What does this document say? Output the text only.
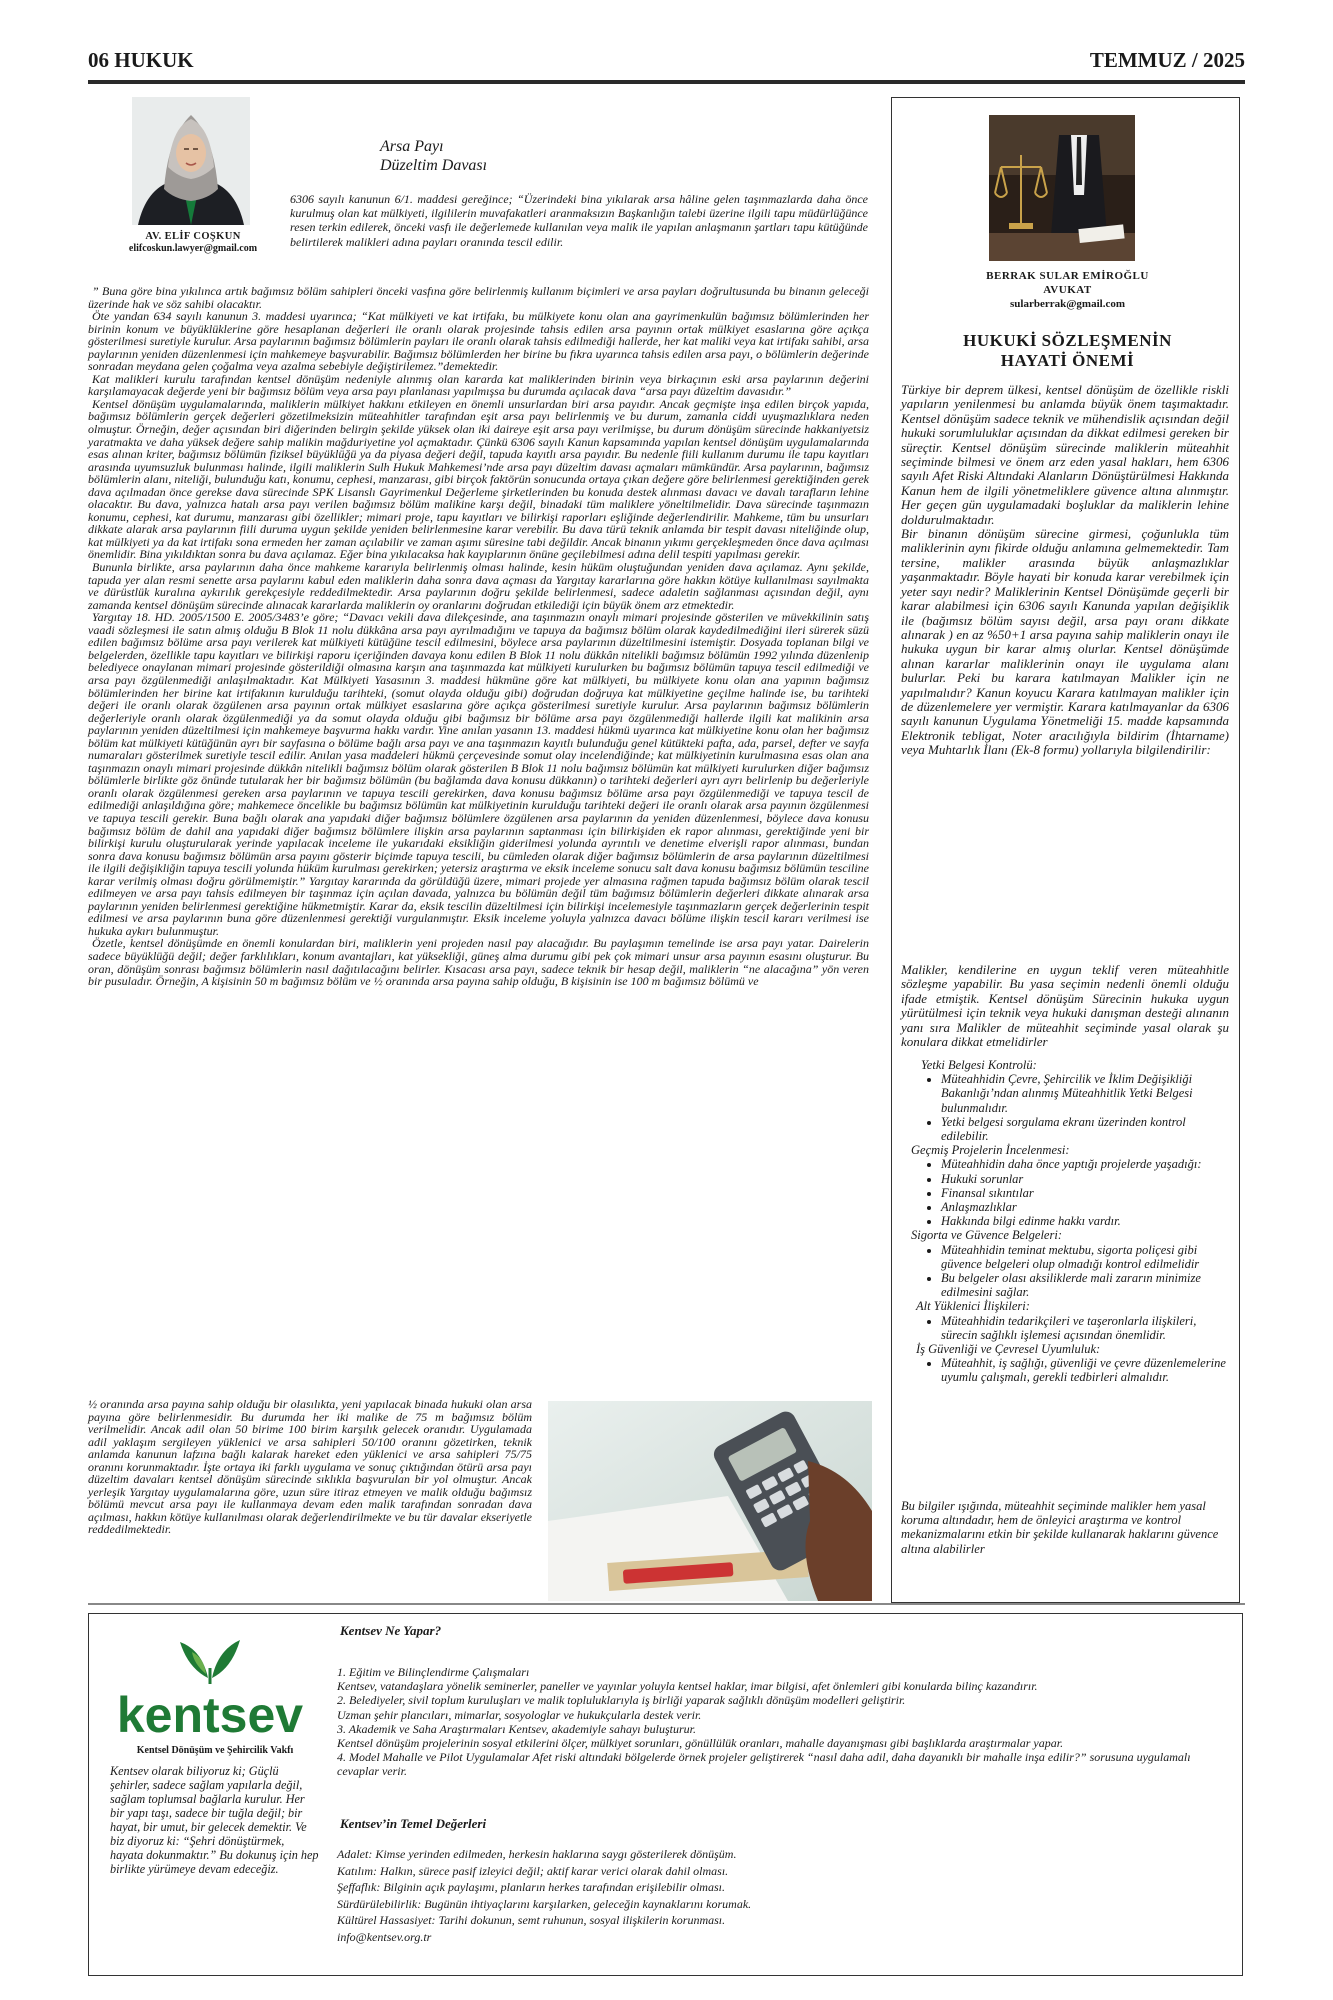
06 HUKUK	TEMMUZ / 2025
AV. ELİF COŞKUN
elifcoskun.lawyer@gmail.com
Arsa Payı
Düzeltim Davası

6306 sayılı kanunun 6/1. maddesi gereğince; “Üzerindeki bina yıkılarak arsa hâline gelen taşınmazlarda daha önce kurulmuş olan kat mülkiyeti, ilgililerin muvafakatleri aranmaksızın Başkanlığın talebi üzerine ilgili tapu müdürlüğünce resen terkin edilerek, önceki vasfı ile değerlemede kullanılan veya malik ile yapılan anlaşmanın şartları tapu kütüğünde belirtilerek malikleri adına payları oranında tescil edilir.

” Buna göre bina yıkılınca artık bağımsız bölüm sahipleri önceki vasfına göre belirlenmiş kullanım biçimleri ve arsa payları doğrultusunda bu binanın geleceği üzerinde hak ve söz sahibi olacaktır.

Öte yandan 634 sayılı kanunun 3. maddesi uyarınca; “Kat mülkiyeti ve kat irtifakı, bu mülkiyete konu olan ana gayrimenkulün bağımsız bölümlerinden her birinin konum ve büyüklüklerine göre hesaplanan değerleri ile oranlı olarak projesinde tahsis edilen arsa payının ortak mülkiyet esaslarına göre açıkça gösterilmesi suretiyle kurulur. Arsa paylarının bağımsız bölümlerin payları ile oranlı olarak tahsis edilmediği hallerde, her kat maliki veya kat irtifakı sahibi, arsa paylarının yeniden düzenlenmesi için mahkemeye başvurabilir. Bağımsız bölümlerden her birine bu fıkra uyarınca tahsis edilen arsa payı, o bölümlerin değerinde sonradan meydana gelen çoğalma veya azalma sebebiyle değiştirilemez.”demektedir.

Kat malikleri kurulu tarafından kentsel dönüşüm nedeniyle alınmış olan kararda kat maliklerinden birinin veya birkaçının eski arsa paylarının değerini karşılamayacak değerde yeni bir bağımsız bölüm veya arsa payı planlanası yapılmışsa bu durumda açılacak dava “arsa payı düzeltim davasıdır.”

Kentsel dönüşüm uygulamalarında, maliklerin mülkiyet hakkını etkileyen en önemli unsurlardan biri arsa payıdır. Ancak geçmişte inşa edilen birçok yapıda, bağımsız bölümlerin gerçek değerleri gözetilmeksizin müteahhitler tarafından eşit arsa payı belirlenmiş ve bu durum, zamanla ciddi uyuşmazlıklara neden olmuştur. Örneğin, değer açısından biri diğerinden belirgin şekilde yüksek olan iki daireye eşit arsa payı verilmişse, bu durum dönüşüm sürecinde hakkaniyetsiz yaratmakta ve daha yüksek değere sahip malikin mağduriyetine yol açmaktadır. Çünkü 6306 sayılı Kanun kapsamında yapılan kentsel dönüşüm uygulamalarında esas alınan kriter, bağımsız bölümün fiziksel büyüklüğü ya da piyasa değeri değil, tapuda kayıtlı arsa payıdır. Bu nedenle fiili kullanım durumu ile tapu kayıtları arasında uyumsuzluk bulunması halinde, ilgili maliklerin Sulh Hukuk Mahkemesi’nde arsa payı düzeltim davası açmaları mümkündür. Arsa paylarının, bağımsız bölümlerin alanı, niteliği, bulunduğu katı, konumu, cephesi, manzarası, gibi birçok faktörün sonucunda ortaya çıkan değere göre belirlenmesi gerektiğinden gerek dava açılmadan önce gerekse dava sürecinde SPK Lisanslı Gayrimenkul Değerleme şirketlerinden bu konuda destek alınması davacı ve davalı tarafların lehine olacaktır. Bu dava, yalnızca hatalı arsa payı verilen bağımsız bölüm malikine karşı değil, binadaki tüm maliklere yöneltilmelidir. Dava sürecinde taşınmazın konumu, cephesi, kat durumu, manzarası gibi özellikler; mimari proje, tapu kayıtları ve bilirkişi raporları eşliğinde değerlendirilir. Mahkeme, tüm bu unsurları dikkate alarak arsa paylarının fiili duruma uygun şekilde yeniden belirlenmesine karar verebilir. Bu dava türü teknik anlamda bir tespit davası niteliğinde olup, kat mülkiyeti ya da kat irtifakı sona ermeden her zaman açılabilir ve zaman aşımı süresine tabi değildir. Ancak binanın yıkımı gerçekleşmeden önce dava açılması önemlidir. Bina yıkıldıktan sonra bu dava açılamaz. Eğer bina yıkılacaksa hak kayıplarının önüne geçilebilmesi adına delil tespiti yapılması gerekir.

Bununla birlikte, arsa paylarının daha önce mahkeme kararıyla belirlenmiş olması halinde, kesin hüküm oluştuğundan yeniden dava açılamaz. Aynı şekilde, tapuda yer alan resmi senette arsa paylarını kabul eden maliklerin daha sonra dava açması da Yargıtay kararlarına göre hakkın kötüye kullanılması sayılmakta ve dürüstlük kuralına aykırılık gerekçesiyle reddedilmektedir. Arsa paylarının doğru şekilde belirlenmesi, sadece adaletin sağlanması açısından değil, aynı zamanda kentsel dönüşüm sürecinde alınacak kararlarda maliklerin oy oranlarını doğrudan etkilediği için büyük önem arz etmektedir.

Yargıtay 18. HD. 2005/1500 E. 2005/3483’e göre; “Davacı vekili dava dilekçesinde, ana taşınmazın onaylı mimari projesinde gösterilen ve müvekkilinin satış vaadi sözleşmesi ile satın almış olduğu B Blok 11 nolu dükkâna arsa payı ayrılmadığını ve tapuya da bağımsız bölüm olarak kaydedilmediğini ileri sürerek süzü edilen bağımsız bölüme arsa payı verilerek kat mülkiyeti kütüğüne tescil edilmesini, böylece arsa paylarının düzeltilmesini istemiştir. Dosyada toplanan bilgi ve belgelerden, özellikle tapu kayıtları ve bilirkişi raporu içeriğinden davaya konu edilen B Blok 11 nolu dükkân nitelikli bağımsız bölümün 1992 yılında düzenlenip belediyece onaylanan mimari projesinde gösterildiği olmasına karşın ana taşınmazda kat mülkiyeti kurulurken bu bağımsız bölümün tapuya tescil edilmediği ve arsa payı özgülenmediği anlaşılmaktadır. Kat Mülkiyeti Yasasının 3. maddesi hükmüne göre kat mülkiyeti, bu mülkiyete konu olan ana yapının bağımsız bölümlerinden her birine kat irtifakının kurulduğu tarihteki, (somut olayda olduğu gibi) doğrudan doğruya kat mülkiyetine geçilme halinde ise, bu tarihteki değeri ile oranlı olarak özgülenen arsa payının ortak mülkiyet esaslarına göre açıkça gösterilmesi suretiyle kurulur. Arsa paylarının bağımsız bölümlerin değerleriyle oranlı olarak özgülenmediği ya da somut olayda olduğu gibi bağımsız bir bölüme arsa payı özgülenmediği hallerde ilgili kat malikinin arsa paylarının yeniden düzeltilmesi için mahkemeye başvurma hakkı vardır. Yine anılan yasanın 13. maddesi hükmü uyarınca kat mülkiyetine konu olan her bağımsız bölüm kat mülkiyeti kütüğünün ayrı bir sayfasına o bölüme bağlı arsa payı ve ana taşınmazın kayıtlı bulunduğu genel kütükteki pafta, ada, parsel, defter ve sayfa numaraları gösterilmek suretiyle tescil edilir. Anılan yasa maddeleri hükmü çerçevesinde somut olay incelendiğinde; kat mülkiyetinin kurulmasına esas olan ana taşınmazın onaylı mimari projesinde dükkân nitelikli bağımsız bölüm olarak gösterilen B Blok 11 nolu bağımsız bölümün kat mülkiyeti kurulurken diğer bağımsız bölümlerle birlikte göz önünde tutularak her bir bağımsız bölümün (bu bağlamda dava konusu dükkanın) o tarihteki değerleri ayrı ayrı belirlenip bu değerleriyle oranlı olarak özgülenmesi gereken arsa paylarının ve tapuya tescili gerekirken, dava konusu bağımsız bölüme arsa payı özgülenmediği ve tapuya tescil de edilmediği anlaşıldığına göre; mahkemece öncelikle bu bağımsız bölümün kat mülkiyetinin kurulduğu tarihteki değeri ile oranlı olarak arsa payının özgülenmesi ve tapuya tescili gerekir. Buna bağlı olarak ana yapıdaki diğer bağımsız bölümlere özgülenen arsa paylarının da yeniden düzenlenmesi, böylece dava konusu bağımsız bölüm de dahil ana yapıdaki diğer bağımsız bölümlere ilişkin arsa paylarının saptanması için bilirkişiden ek rapor alınması, gerektiğinde yeni bir bilirkişi kurulu oluşturularak yerinde yapılacak inceleme ile yukarıdaki eksikliğin giderilmesi yolunda ayrıntılı ve denetime elverişli rapor alınması, bundan sonra dava konusu bağımsız bölümün arsa payını gösterir biçimde tapuya tescili, bu cümleden olarak diğer bağımsız bölümlerin de arsa paylarının düzeltilmesi ile ilgili değişikliğin tapuya tescili yolunda hüküm kurulması gerekirken; yetersiz araştırma ve eksik inceleme sonucu salt dava konusu bağımsız bölümün tesciline karar verilmiş olması doğru görülmemiştir.” Yargıtay kararında da görüldüğü üzere, mimari projede yer almasına rağmen tapuda bağımsız bölüm olarak tescil edilmeyen ve arsa payı tahsis edilmeyen bir taşınmaz için açılan davada, yalnızca bu bölümün değil tüm bağımsız bölümlerin değerleri dikkate alınarak arsa paylarının yeniden belirlenmesi gerektiğine hükmetmiştir. Karar da, eksik tescilin düzeltilmesi için bilirkişi incelemesiyle taşınmazların gerçek değerlerinin tespit edilmesi ve arsa paylarının buna göre düzenlenmesi gerektiği vurgulanmıştır. Eksik inceleme yoluyla yalnızca davacı bölüme ilişkin tescil kararı verilmesi ise hukuka aykırı bulunmuştur.

Özetle, kentsel dönüşümde en önemli konulardan biri, maliklerin yeni projeden nasıl pay alacağıdır. Bu paylaşımın temelinde ise arsa payı yatar. Dairelerin sadece büyüklüğü değil; değer farklılıkları, konum avantajları, kat yüksekliği, güneş alma durumu gibi pek çok mimari unsur arsa payının esasını oluşturur. Bu oran, dönüşüm sonrası bağımsız bölümlerin nasıl dağıtılacağını belirler. Kısacası arsa payı, sadece teknik bir hesap değil, maliklerin “ne alacağına” yön veren bir pusuladır. Örneğin, A kişisinin 50 m bağımsız bölüm ve ½ oranında arsa payına sahip olduğu, B kişisinin ise 100 m bağımsız bölümü ve

½ oranında arsa payına sahip olduğu bir olasılıkta, yeni yapılacak binada hukuki olan arsa payına göre belirlenmesidir. Bu durumda her iki malike de 75 m bağımsız bölüm verilmelidir. Ancak adil olan 50 birime 100 birim karşılık gelecek oranıdır. Uygulamada adil yaklaşım sergileyen yüklenici ve arsa sahipleri 50/100 oranını gözetirken, teknik anlamda kanunun lafzına bağlı kalarak hareket eden yüklenici ve arsa sahipleri 75/75 oranını korunmaktadır. İşte ortaya iki farklı uygulama ve sonuç çıktığından ötürü arsa payı düzeltim davaları kentsel dönüşüm sürecinde sıklıkla başvurulan bir yol olmuştur. Ancak yerleşik Yargıtay uygulamalarına göre, uzun süre itiraz etmeyen ve malik olduğu bağımsız bölümü mevcut arsa payı ile kullanmaya devam eden malik tarafından sonradan dava açılması, hakkın kötüye kullanılması olarak değerlendirilmekte ve bu tür davalar ekseriyetle reddedilmektedir.

BERRAK SULAR EMİROĞLU
AVUKAT
sularberrak@gmail.com
HUKUKİ SÖZLEŞMENİN
HAYATİ ÖNEMİ

Türkiye bir deprem ülkesi, kentsel dönüşüm de özellikle riskli yapıların yenilenmesi bu anlamda büyük önem taşımaktadır. Kentsel dönüşüm sadece teknik ve mühendislik açısından değil hukuki sorumluluklar açısından da dikkat edilmesi gereken bir süreçtir. Kentsel dönüşüm sürecinde maliklerin müteahhit seçiminde bilmesi ve önem arz eden yasal hakları, hem 6306 sayılı Afet Riski Altındaki Alanların Dönüştürülmesi Hakkında Kanun hem de ilgili yönetmeliklere güvence altına alınmıştır. Her geçen gün uygulamadaki boşluklar da maliklerin lehine doldurulmaktadır.

Bir binanın dönüşüm sürecine girmesi, çoğunlukla tüm maliklerinin aynı fikirde olduğu anlamına gelmemektedir. Tam tersine, malikler arasında büyük anlaşmazlıklar yaşanmaktadır. Böyle hayati bir konuda karar verebilmek için yeter sayı nedir? Maliklerinin Kentsel Dönüşümde geçerli bir karar alabilmesi için 6306 sayılı Kanunda yapılan değişiklik ile (bağımsız bölüm sayısı değil, arsa payı oranı dikkate alınarak ) en az %50+1 arsa payına sahip maliklerin onayı ile hukuka uygun bir karar almış olurlar. Kentsel dönüşümde alınan kararlar maliklerinin onayı ile uygulama alanı bulurlar. Peki bu karara katılmayan Malikler için ne yapılmalıdır? Kanun koyucu Karara katılmayan malikler için de düzenlemelere yer vermiştir. Karara katılmayanlar da 6306 sayılı kanunun Uygulama Yönetmeliği 15. madde kapsamında Elektronik tebligat, Noter aracılığıyla bildirim (İhtarname) veya Muhtarlık İlanı (Ek-8 formu) yollarıyla bilgilendirilir:

Malikler, kendilerine en uygun teklif veren müteahhitle sözleşme yapabilir. Bu yasa seçimin nedenli önemli olduğu ifade etmiştik. Kentsel dönüşüm Sürecinin hukuka uygun yürütülmesi için teknik veya hukuki danışman desteği alınanın yanı sıra Malikler de müteahhit seçiminde yasal olarak şu konulara dikkat etmelidirler

Yetki Belgesi Kontrolü:
• Müteahhidin Çevre, Şehircilik ve İklim Değişikliği Bakanlığı’ndan alınmış Müteahhitlik Yetki Belgesi bulunmalıdır.
• Yetki belgesi sorgulama ekranı üzerinden kontrol edilebilir.
Geçmiş Projelerin İncelenmesi:
• Müteahhidin daha önce yaptığı projelerde yaşadığı:
• Hukuki sorunlar
• Finansal sıkıntılar
• Anlaşmazlıklar
• Hakkında bilgi edinme hakkı vardır.
Sigorta ve Güvence Belgeleri:
• Müteahhidin teminat mektubu, sigorta poliçesi gibi güvence belgeleri olup olmadığı kontrol edilmelidir
• Bu belgeler olası aksiliklerde mali zararın minimize edilmesini sağlar.
Alt Yüklenici İlişkileri:
• Müteahhidin tedarikçileri ve taşeronlarla ilişkileri, sürecin sağlıklı işlemesi açısından önemlidir.
İş Güvenliği ve Çevresel Uyumluluk:
• Müteahhit, iş sağlığı, güvenliği ve çevre düzenlemelerine uyumlu çalışmalı, gerekli tedbirleri almalıdır.

Bu bilgiler ışığında, müteahhit seçiminde malikler hem yasal koruma altındadır, hem de önleyici araştırma ve kontrol mekanizmalarını etkin bir şekilde kullanarak haklarını güvence altına alabilirler

kentsev
Kentsel Dönüşüm ve Şehircilik Vakfı

Kentsev olarak biliyoruz ki; Güçlü şehirler, sadece sağlam yapılarla değil, sağlam toplumsal bağlarla kurulur. Her bir yapı taşı, sadece bir tuğla değil; bir hayat, bir umut, bir gelecek demektir. Ve biz diyoruz ki: “Şehri dönüştürmek, hayata dokunmaktır.” Bu dokunuş için hep birlikte yürümeye devam edeceğiz.

Kentsev Ne Yapar?

1. Eğitim ve Bilinçlendirme Çalışmaları

Kentsev, vatandaşlara yönelik seminerler, paneller ve yayınlar yoluyla kentsel haklar, imar bilgisi, afet önlemleri gibi konularda bilinç kazandırır.

2. Belediyeler, sivil toplum kuruluşları ve malik topluluklarıyla iş birliği yaparak sağlıklı dönüşüm modelleri geliştirir.

Uzman şehir plancıları, mimarlar, sosyologlar ve hukukçularla destek verir.

3. Akademik ve Saha Araştırmaları Kentsev, akademiyle sahayı buluşturur.

Kentsel dönüşüm projelerinin sosyal etkilerini ölçer, mülkiyet sorunları, gönüllülük oranları, mahalle dayanışması gibi başlıklarda araştırmalar yapar.

4. Model Mahalle ve Pilot Uygulamalar Afet riski altındaki bölgelerde örnek projeler geliştirerek “nasıl daha adil, daha dayanıklı bir mahalle inşa edilir?” sorusuna uygulamalı cevaplar verir.

Kentsev’in Temel Değerleri

Adalet: Kimse yerinden edilmeden, herkesin haklarına saygı gösterilerek dönüşüm.

Katılım: Halkın, sürece pasif izleyici değil; aktif karar verici olarak dahil olması.

Şeffaflık: Bilginin açık paylaşımı, planların herkes tarafından erişilebilir olması.

Sürdürülebilirlik: Bugünün ihtiyaçlarını karşılarken, geleceğin kaynaklarını korumak.

Kültürel Hassasiyet: Tarihi dokunun, semt ruhunun, sosyal ilişkilerin korunması.

info@kentsev.org.tr
